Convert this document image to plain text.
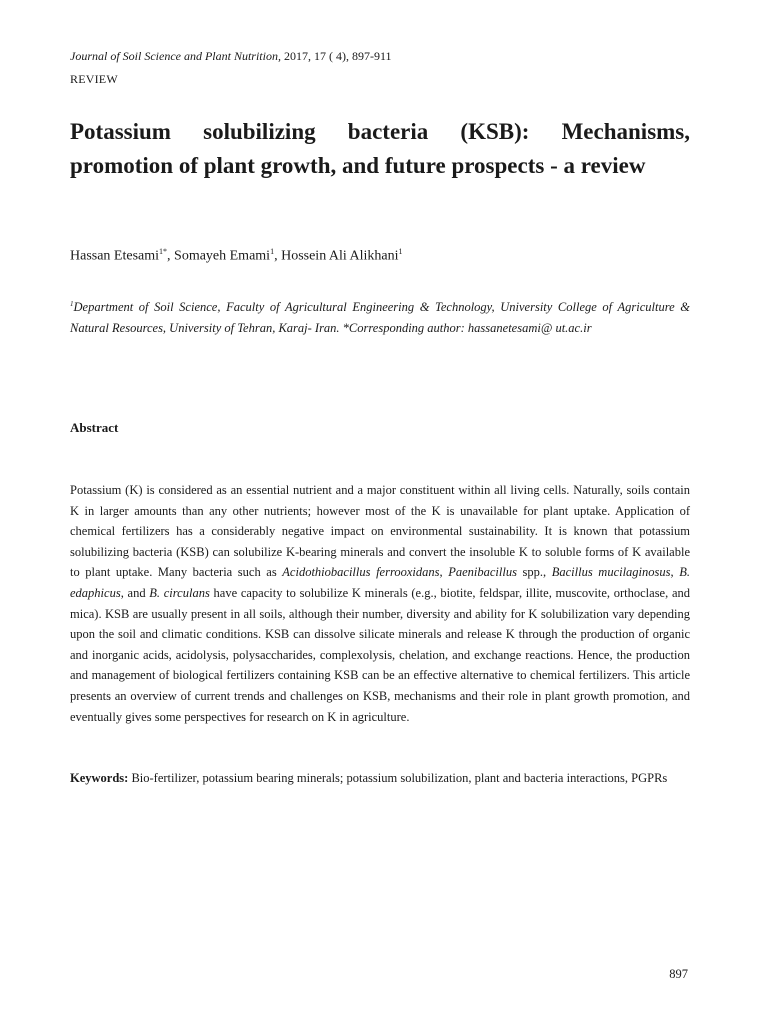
Journal of Soil Science and Plant Nutrition, 2017, 17 ( 4), 897-911
REVIEW
Potassium solubilizing bacteria (KSB): Mechanisms, promotion of plant growth, and future prospects - a review
Hassan Etesami$^{1*}$, Somayeh Emami$^1$, Hossein Ali Alikhani$^1$
$^1$Department of Soil Science, Faculty of Agricultural Engineering & Technology, University College of Agriculture & Natural Resources, University of Tehran, Karaj- Iran. *Corresponding author: hassanetesami@ ut.ac.ir
Abstract

Potassium (K) is considered as an essential nutrient and a major constituent within all living cells. Naturally, soils contain K in larger amounts than any other nutrients; however most of the K is unavailable for plant uptake. Application of chemical fertilizers has a considerably negative impact on environmental sustainability. It is known that potassium solubilizing bacteria (KSB) can solubilize K-bearing minerals and convert the insoluble K to soluble forms of K available to plant uptake. Many bacteria such as Acidothiobacillus ferrooxidans, Paenibacillus spp., Bacillus mucilaginosus, B. edaphicus, and B. circulans have capacity to solubilize K minerals (e.g., biotite, feldspar, illite, muscovite, orthoclase, and mica). KSB are usually present in all soils, although their number, diversity and ability for K solubilization vary depending upon the soil and climatic conditions. KSB can dissolve silicate minerals and release K through the production of organic and inorganic acids, acidolysis, polysaccharides, complexolysis, chelation, and exchange reactions. Hence, the production and management of biological fertilizers containing KSB can be an effective alternative to chemical fertilizers. This article presents an overview of current trends and challenges on KSB, mechanisms and their role in plant growth promotion, and eventually gives some perspectives for research on K in agriculture.

Keywords: Bio-fertilizer, potassium bearing minerals; potassium solubilization, plant and bacteria interactions, PGPRs

897
